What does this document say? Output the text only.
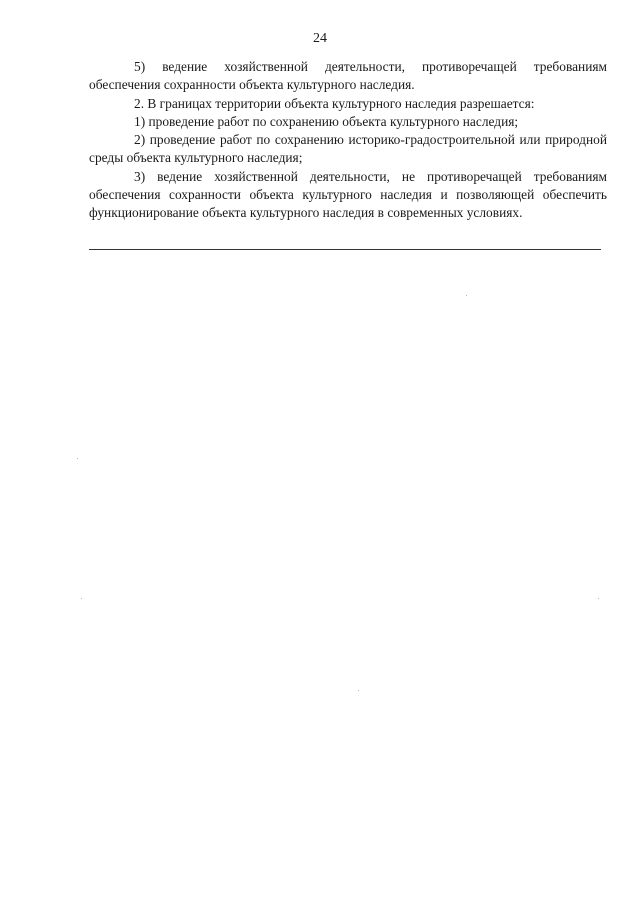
24

5) ведение хозяйственной деятельности, противоречащей требованиям обеспечения сохранности объекта культурного наследия.

2. В границах территории объекта культурного наследия разрешается:

1) проведение работ по сохранению объекта культурного наследия;

2) проведение работ по сохранению историко-градостроительной или природной среды объекта культурного наследия;

3) ведение хозяйственной деятельности, не противоречащей требованиям обеспечения сохранности объекта культурного наследия и позволяющей обеспечить функционирование объекта культурного наследия в современных условиях.
